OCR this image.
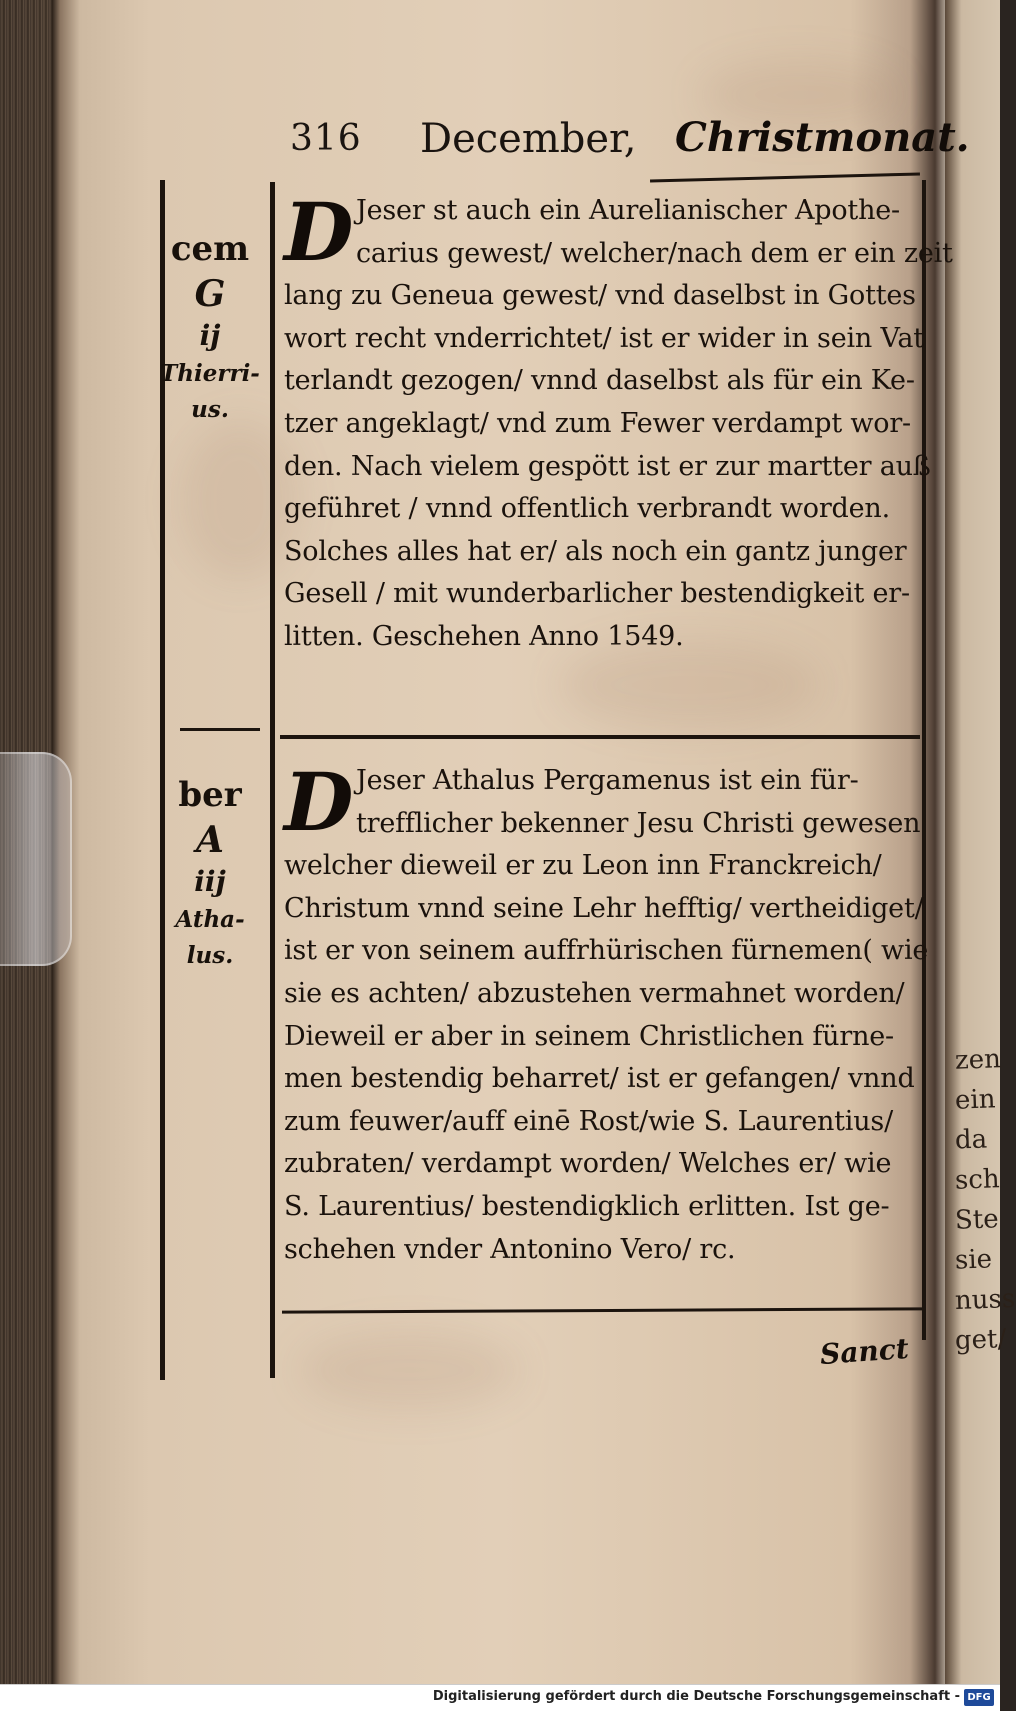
zen
ein
da
sch
Ste
sie
nuss
get/
316 December, Christmonat.
cem
G
ij
Thierri-
us.
D Jeser st auch ein Aurelianischer Apothe-
carius gewest/ welcher/nach dem er ein zeit
lang zu Geneua gewest/ vnd daselbst in Gottes
wort recht vnderrichtet/ ist er wider in sein Vat
terlandt gezogen/ vnnd daselbst als für ein Ke-
tzer angeklagt/ vnd zum Fewer verdampt wor-
den. Nach vielem gespött ist er zur martter auß
geführet / vnnd offentlich verbrandt worden.
Solches alles hat er/ als noch ein gantz junger
Gesell / mit wunderbarlicher bestendigkeit er-
litten. Geschehen Anno 1549.
ber
A
iij
Atha-
lus.
D Jeser Athalus Pergamenus ist ein für-
trefflicher bekenner Jesu Christi gewesen
welcher dieweil er zu Leon inn Franckreich/
Christum vnnd seine Lehr hefftig/ vertheidiget/
ist er von seinem auffrhürischen fürnemen( wie
sie es achten/ abzustehen vermahnet worden/
Dieweil er aber in seinem Christlichen fürne-
men bestendig beharret/ ist er gefangen/ vnnd
zum feuwer/auff einē Rost/wie S. Laurentius/
zubraten/ verdampt worden/ Welches er/ wie
S. Laurentius/ bestendigklich erlitten. Ist ge-
schehen vnder Antonino Vero/ rc.
Sanct
Digitalisierung gefördert durch die Deutsche Forschungsgemeinschaft - DFG
